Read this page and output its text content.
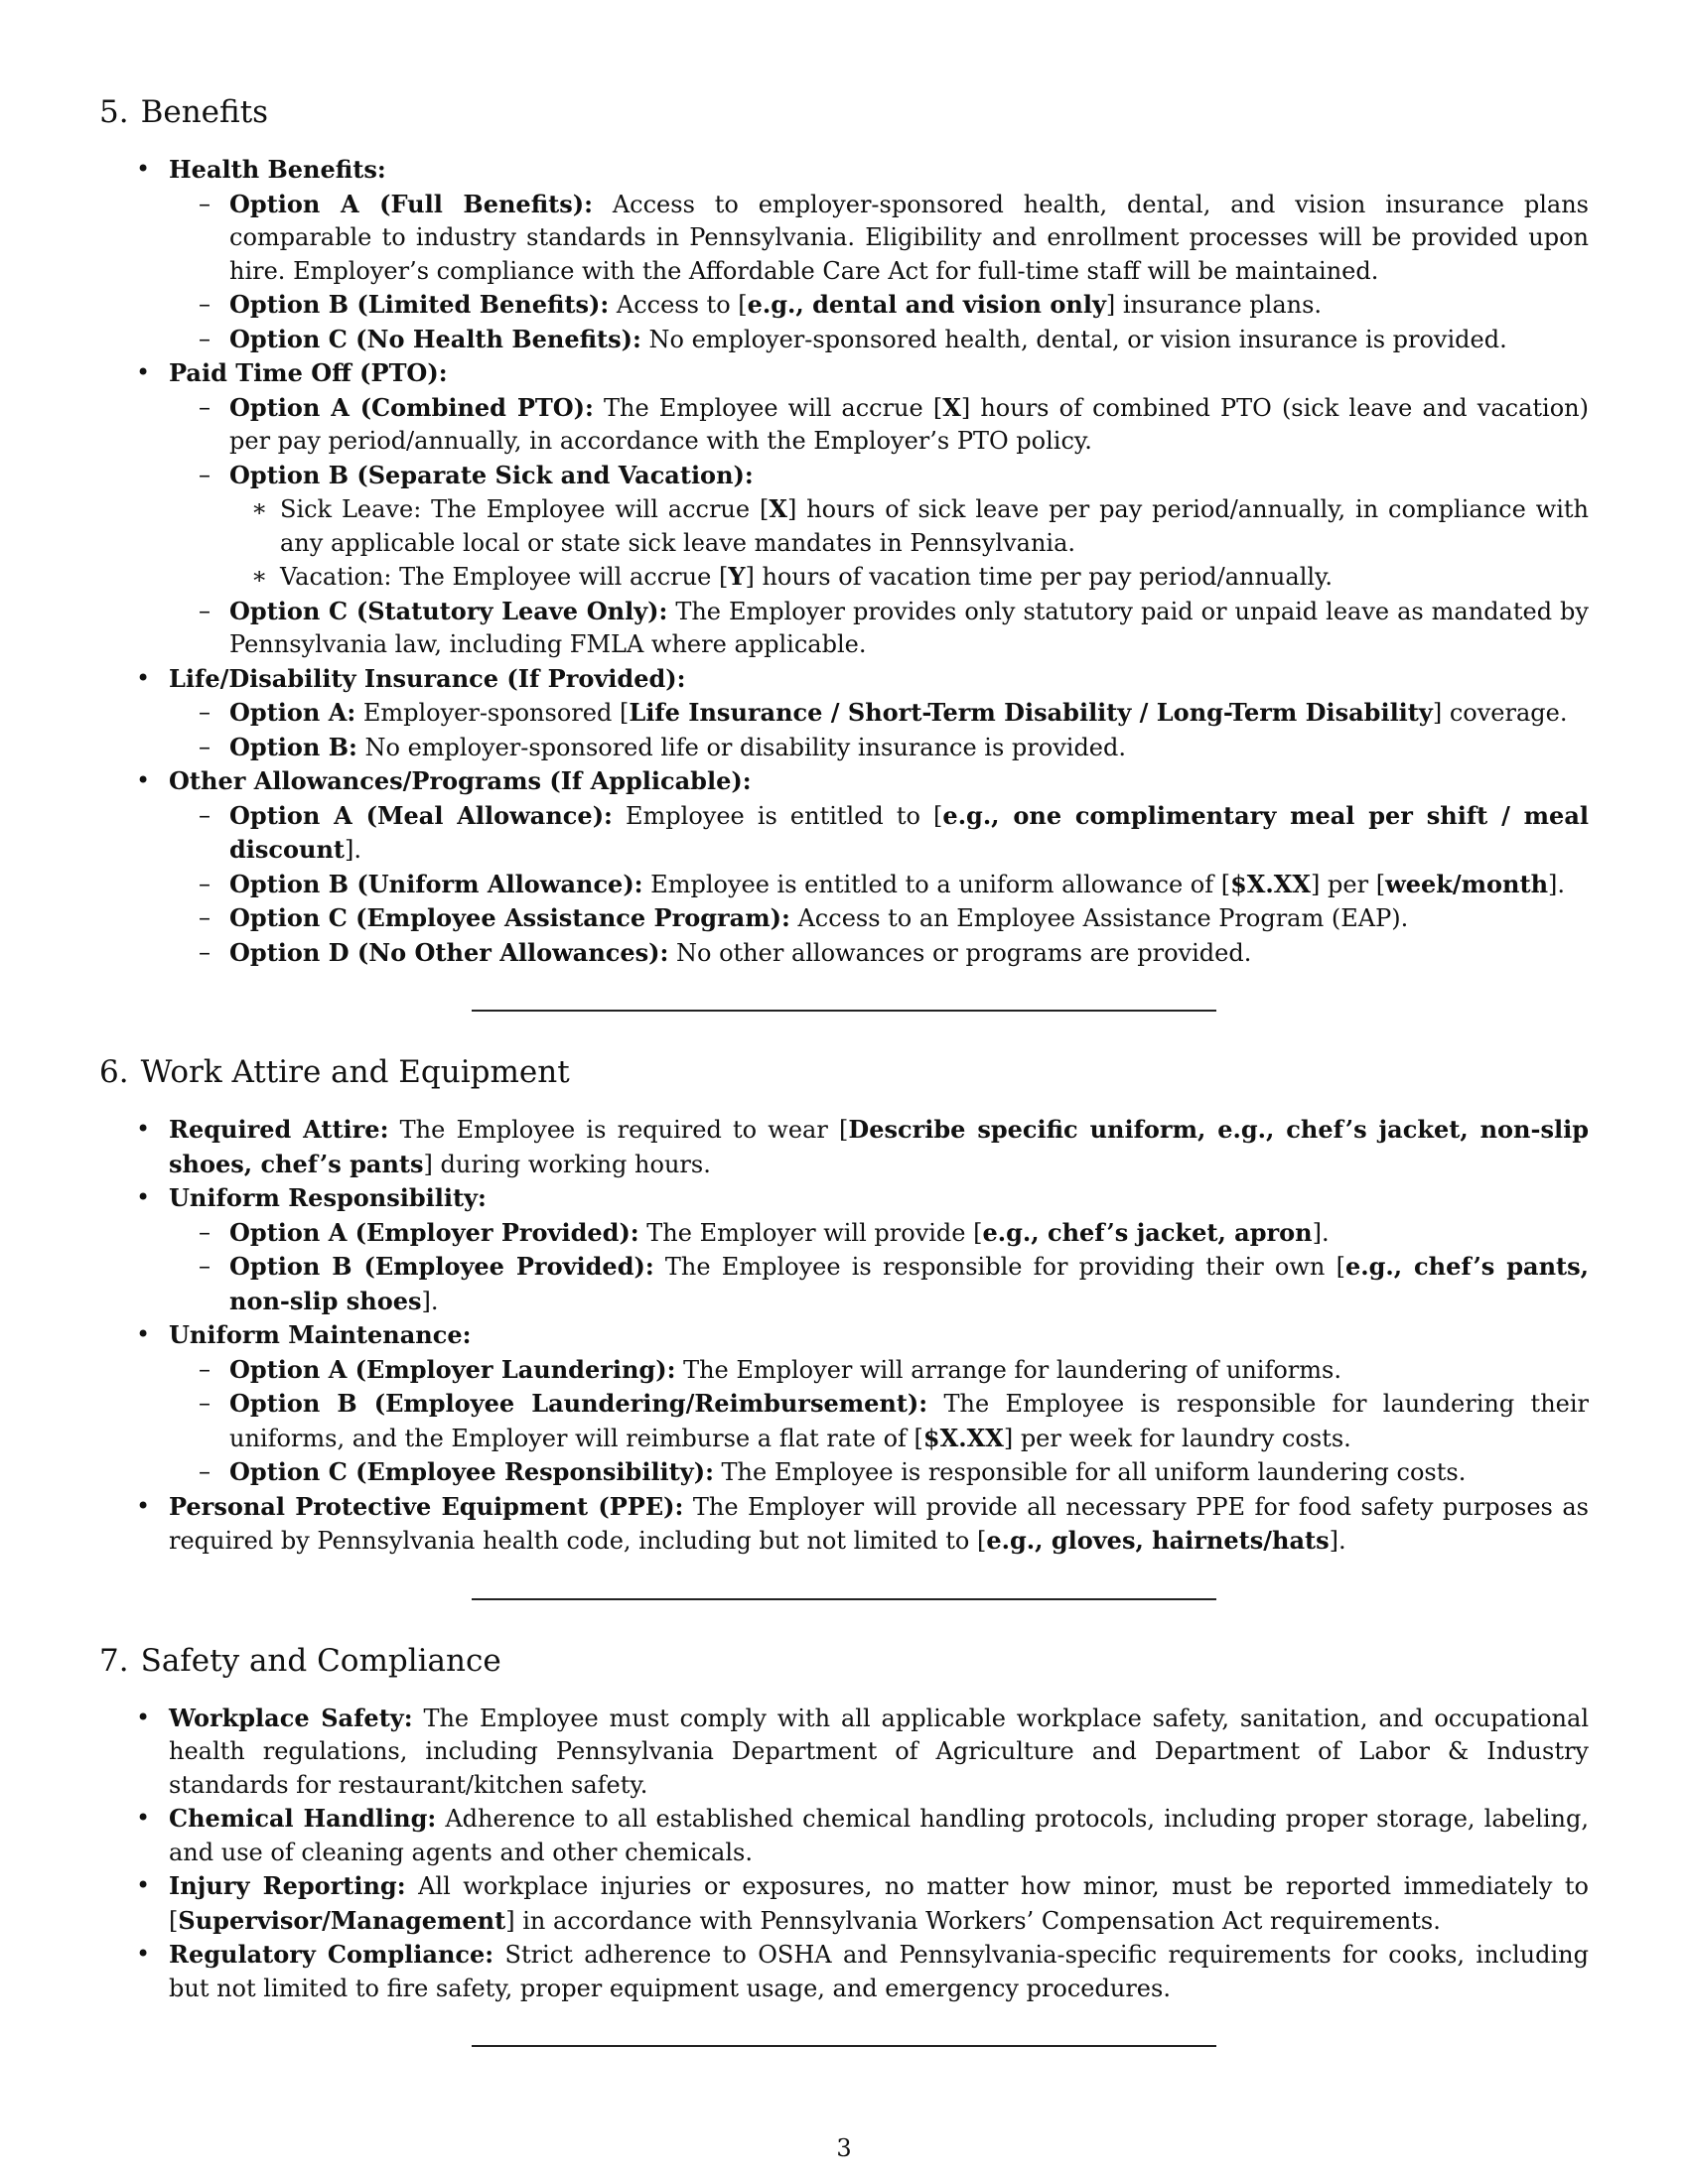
5. Benefits
• Health Benefits:
– Option A (Full Benefits): Access to employer-sponsored health, dental, and vision insurance plans comparable to industry standards in Pennsylvania. Eligibility and enrollment processes will be provided upon hire. Employer’s compliance with the Affordable Care Act for full-time staff will be maintained.
– Option B (Limited Benefits): Access to [e.g., dental and vision only] insurance plans.
– Option C (No Health Benefits): No employer-sponsored health, dental, or vision insurance is provided.
• Paid Time Off (PTO):
– Option A (Combined PTO): The Employee will accrue [X] hours of combined PTO (sick leave and vacation) per pay period/annually, in accordance with the Employer’s PTO policy.
– Option B (Separate Sick and Vacation):
∗ Sick Leave: The Employee will accrue [X] hours of sick leave per pay period/annually, in compliance with any applicable local or state sick leave mandates in Pennsylvania.
∗ Vacation: The Employee will accrue [Y] hours of vacation time per pay period/annually.
– Option C (Statutory Leave Only): The Employer provides only statutory paid or unpaid leave as mandated by Pennsylvania law, including FMLA where applicable.
• Life/Disability Insurance (If Provided):
– Option A: Employer-sponsored [Life Insurance / Short-Term Disability / Long-Term Disability] coverage.
– Option B: No employer-sponsored life or disability insurance is provided.
• Other Allowances/Programs (If Applicable):
– Option A (Meal Allowance): Employee is entitled to [e.g., one complimentary meal per shift / meal discount].
– Option B (Uniform Allowance): Employee is entitled to a uniform allowance of [$X.XX] per [week/month].
– Option C (Employee Assistance Program): Access to an Employee Assistance Program (EAP).
– Option D (No Other Allowances): No other allowances or programs are provided.
6. Work Attire and Equipment
• Required Attire: The Employee is required to wear [Describe specific uniform, e.g., chef’s jacket, non-slip shoes, chef’s pants] during working hours.
• Uniform Responsibility:
– Option A (Employer Provided): The Employer will provide [e.g., chef’s jacket, apron].
– Option B (Employee Provided): The Employee is responsible for providing their own [e.g., chef’s pants, non-slip shoes].
• Uniform Maintenance:
– Option A (Employer Laundering): The Employer will arrange for laundering of uniforms.
– Option B (Employee Laundering/Reimbursement): The Employee is responsible for laundering their uniforms, and the Employer will reimburse a flat rate of [$X.XX] per week for laundry costs.
– Option C (Employee Responsibility): The Employee is responsible for all uniform laundering costs.
• Personal Protective Equipment (PPE): The Employer will provide all necessary PPE for food safety purposes as required by Pennsylvania health code, including but not limited to [e.g., gloves, hairnets/hats].
7. Safety and Compliance
• Workplace Safety: The Employee must comply with all applicable workplace safety, sanitation, and occupational health regulations, including Pennsylvania Department of Agriculture and Department of Labor & Industry standards for restaurant/kitchen safety.
• Chemical Handling: Adherence to all established chemical handling protocols, including proper storage, labeling, and use of cleaning agents and other chemicals.
• Injury Reporting: All workplace injuries or exposures, no matter how minor, must be reported immediately to [Supervisor/Management] in accordance with Pennsylvania Workers’ Compensation Act requirements.
• Regulatory Compliance: Strict adherence to OSHA and Pennsylvania-specific requirements for cooks, including but not limited to fire safety, proper equipment usage, and emergency procedures.
3
